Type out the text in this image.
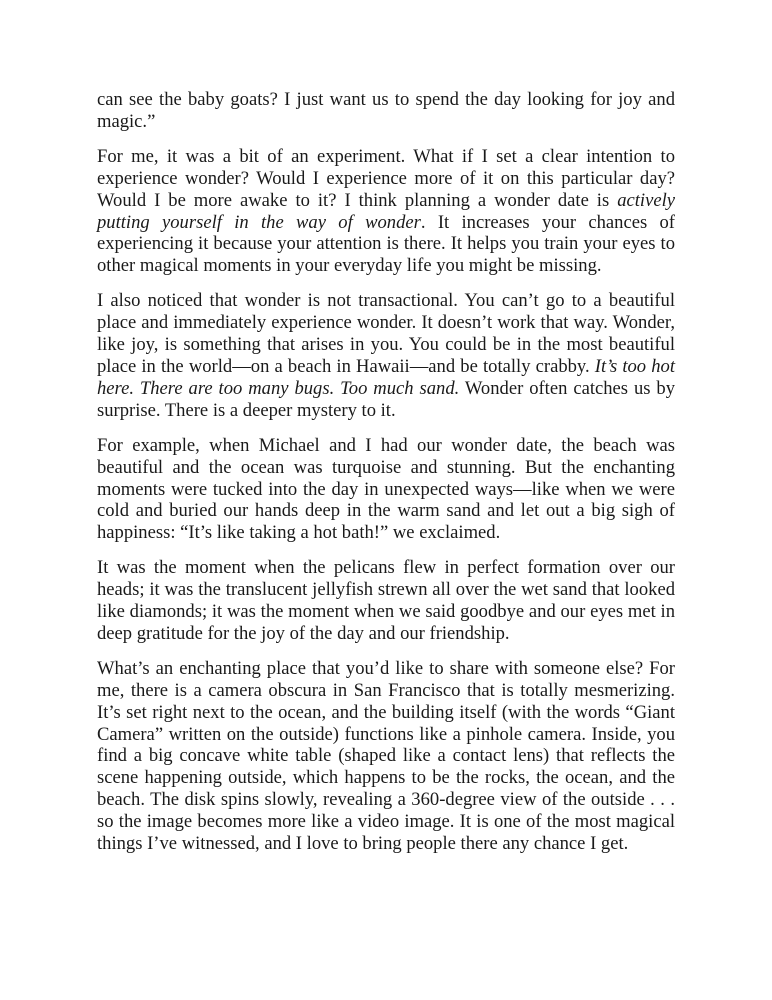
can see the baby goats? I just want us to spend the day looking for joy and magic.”

For me, it was a bit of an experiment. What if I set a clear intention to experience wonder? Would I experience more of it on this particular day? Would I be more awake to it? I think planning a wonder date is actively putting yourself in the way of wonder. It increases your chances of experiencing it because your attention is there. It helps you train your eyes to other magical moments in your everyday life you might be missing.

I also noticed that wonder is not transactional. You can’t go to a beautiful place and immediately experience wonder. It doesn’t work that way. Wonder, like joy, is something that arises in you. You could be in the most beautiful place in the world—on a beach in Hawaii—and be totally crabby. It’s too hot here. There are too many bugs. Too much sand. Wonder often catches us by surprise. There is a deeper mystery to it.

For example, when Michael and I had our wonder date, the beach was beautiful and the ocean was turquoise and stunning. But the enchanting moments were tucked into the day in unexpected ways—like when we were cold and buried our hands deep in the warm sand and let out a big sigh of happiness: “It’s like taking a hot bath!” we exclaimed.

It was the moment when the pelicans flew in perfect formation over our heads; it was the translucent jellyfish strewn all over the wet sand that looked like diamonds; it was the moment when we said goodbye and our eyes met in deep gratitude for the joy of the day and our friendship.

What’s an enchanting place that you’d like to share with someone else? For me, there is a camera obscura in San Francisco that is totally mesmerizing. It’s set right next to the ocean, and the building itself (with the words “Giant Camera” written on the outside) functions like a pinhole camera. Inside, you find a big concave white table (shaped like a contact lens) that reflects the scene happening outside, which happens to be the rocks, the ocean, and the beach. The disk spins slowly, revealing a 360-degree view of the outside . . . so the image becomes more like a video image. It is one of the most magical things I’ve witnessed, and I love to bring people there any chance I get.
